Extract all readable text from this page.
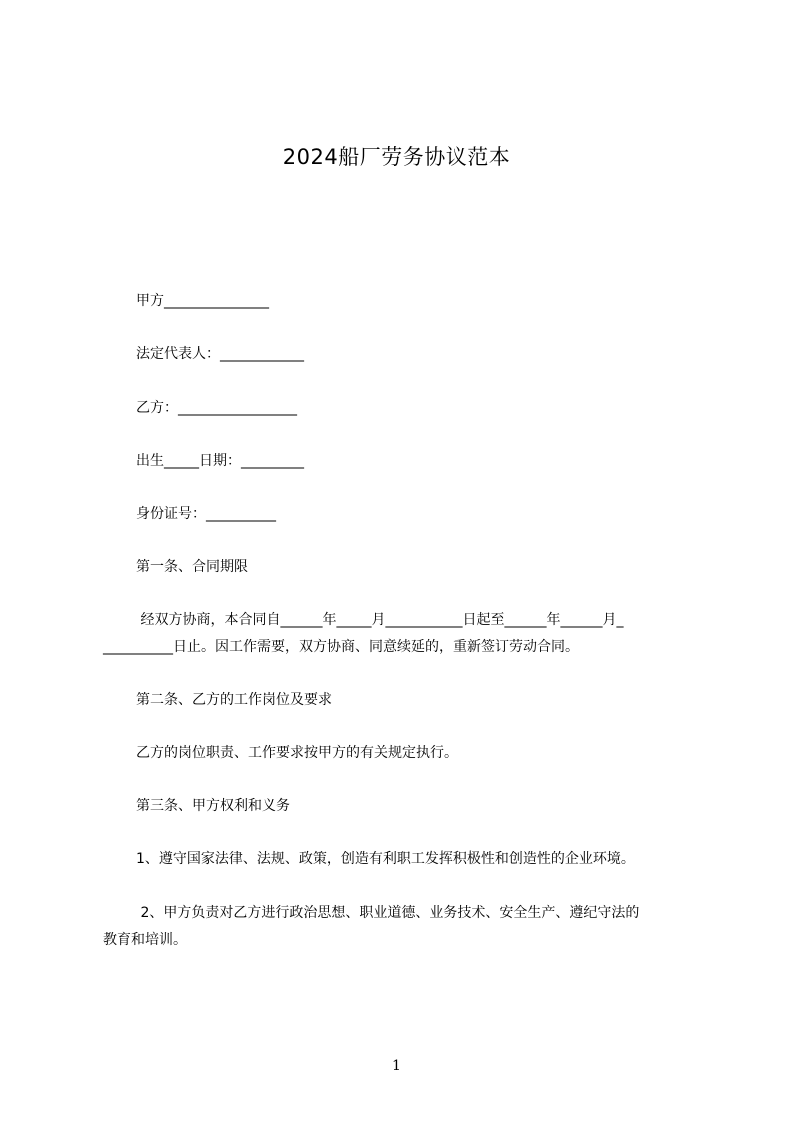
2024船厂劳务协议范本
甲方_______________
法定代表人：____________
乙方：_________________
出生_____日期：_________
身份证号：__________
第一条、合同期限
经双方协商，本合同自______年_____月___________日起至______年______月_
__________日止。因工作需要，双方协商、同意续延的，重新签订劳动合同。
第二条、乙方的工作岗位及要求
乙方的岗位职责、工作要求按甲方的有关规定执行。
第三条、甲方权利和义务
1、遵守国家法律、法规、政策，创造有利职工发挥积极性和创造性的企业环境。
2、甲方负责对乙方进行政治思想、职业道德、业务技术、安全生产、遵纪守法的
教育和培训。
1
